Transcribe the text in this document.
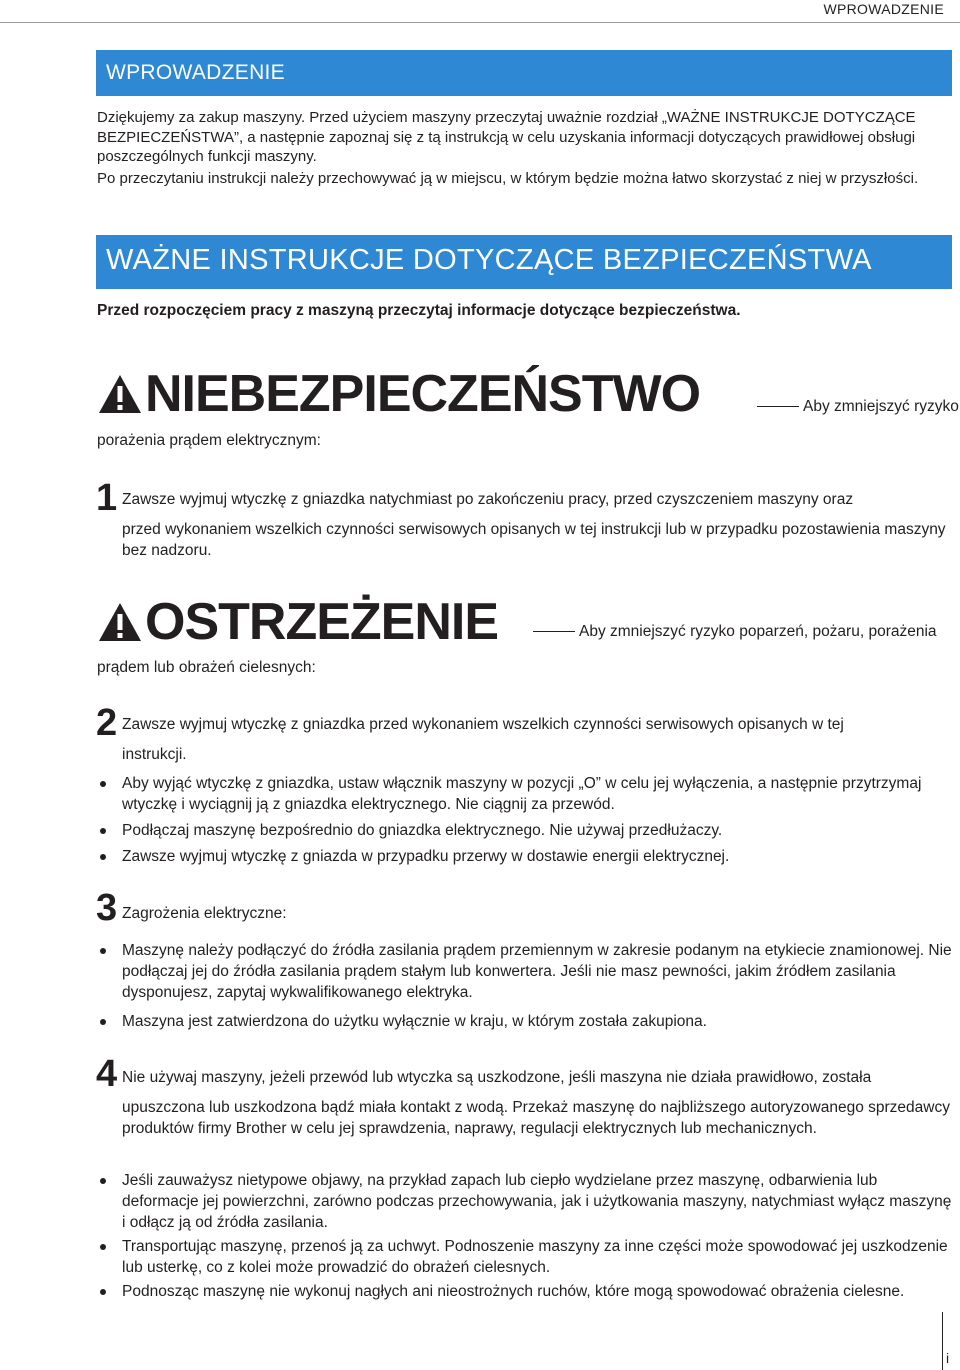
WPROWADZENIE
WPROWADZENIE
Dziękujemy za zakup maszyny. Przed użyciem maszyny przeczytaj uważnie rozdział „WAŻNE INSTRUKCJE DOTYCZĄCE BEZPIECZEŃSTWA”, a następnie zapoznaj się z tą instrukcją w celu uzyskania informacji dotyczących prawidłowej obsługi poszczególnych funkcji maszyny.
Po przeczytaniu instrukcji należy przechowywać ją w miejscu, w którym będzie można łatwo skorzystać z niej w przyszłości.
WAŻNE INSTRUKCJE DOTYCZĄCE BEZPIECZEŃSTWA
Przed rozpoczęciem pracy z maszyną przeczytaj informacje dotyczące bezpieczeństwa.
NIEBEZPIECZEŃSTWO	Aby zmniejszyć ryzyko
porażenia prądem elektrycznym:
1 Zawsze wyjmuj wtyczkę z gniazdka natychmiast po zakończeniu pracy, przed czyszczeniem maszyny oraz
przed wykonaniem wszelkich czynności serwisowych opisanych w tej instrukcji lub w przypadku pozostawienia maszyny bez nadzoru.
OSTRZEŻENIE	Aby zmniejszyć ryzyko poparzeń, pożaru, porażenia
prądem lub obrażeń cielesnych:
2 Zawsze wyjmuj wtyczkę z gniazdka przed wykonaniem wszelkich czynności serwisowych opisanych w tej
instrukcji.
Aby wyjąć wtyczkę z gniazdka, ustaw włącznik maszyny w pozycji „O” w celu jej wyłączenia, a następnie przytrzymaj wtyczkę i wyciągnij ją z gniazdka elektrycznego. Nie ciągnij za przewód.
Podłączaj maszynę bezpośrednio do gniazdka elektrycznego. Nie używaj przedłużaczy.
Zawsze wyjmuj wtyczkę z gniazda w przypadku przerwy w dostawie energii elektrycznej.
3 Zagrożenia elektryczne:
Maszynę należy podłączyć do źródła zasilania prądem przemiennym w zakresie podanym na etykiecie znamionowej. Nie podłączaj jej do źródła zasilania prądem stałym lub konwertera. Jeśli nie masz pewności, jakim źródłem zasilania dysponujesz, zapytaj wykwalifikowanego elektryka.
Maszyna jest zatwierdzona do użytku wyłącznie w kraju, w którym została zakupiona.
4 Nie używaj maszyny, jeżeli przewód lub wtyczka są uszkodzone, jeśli maszyna nie działa prawidłowo, została
upuszczona lub uszkodzona bądź miała kontakt z wodą. Przekaż maszynę do najbliższego autoryzowanego sprzedawcy produktów firmy Brother w celu jej sprawdzenia, naprawy, regulacji elektrycznych lub mechanicznych.
Jeśli zauważysz nietypowe objawy, na przykład zapach lub ciepło wydzielane przez maszynę, odbarwienia lub deformacje jej powierzchni, zarówno podczas przechowywania, jak i użytkowania maszyny, natychmiast wyłącz maszynę i odłącz ją od źródła zasilania.
Transportując maszynę, przenoś ją za uchwyt. Podnoszenie maszyny za inne części może spowodować jej uszkodzenie lub usterkę, co z kolei może prowadzić do obrażeń cielesnych.
Podnosząc maszynę nie wykonuj nagłych ani nieostrożnych ruchów, które mogą spowodować obrażenia cielesne.
i
